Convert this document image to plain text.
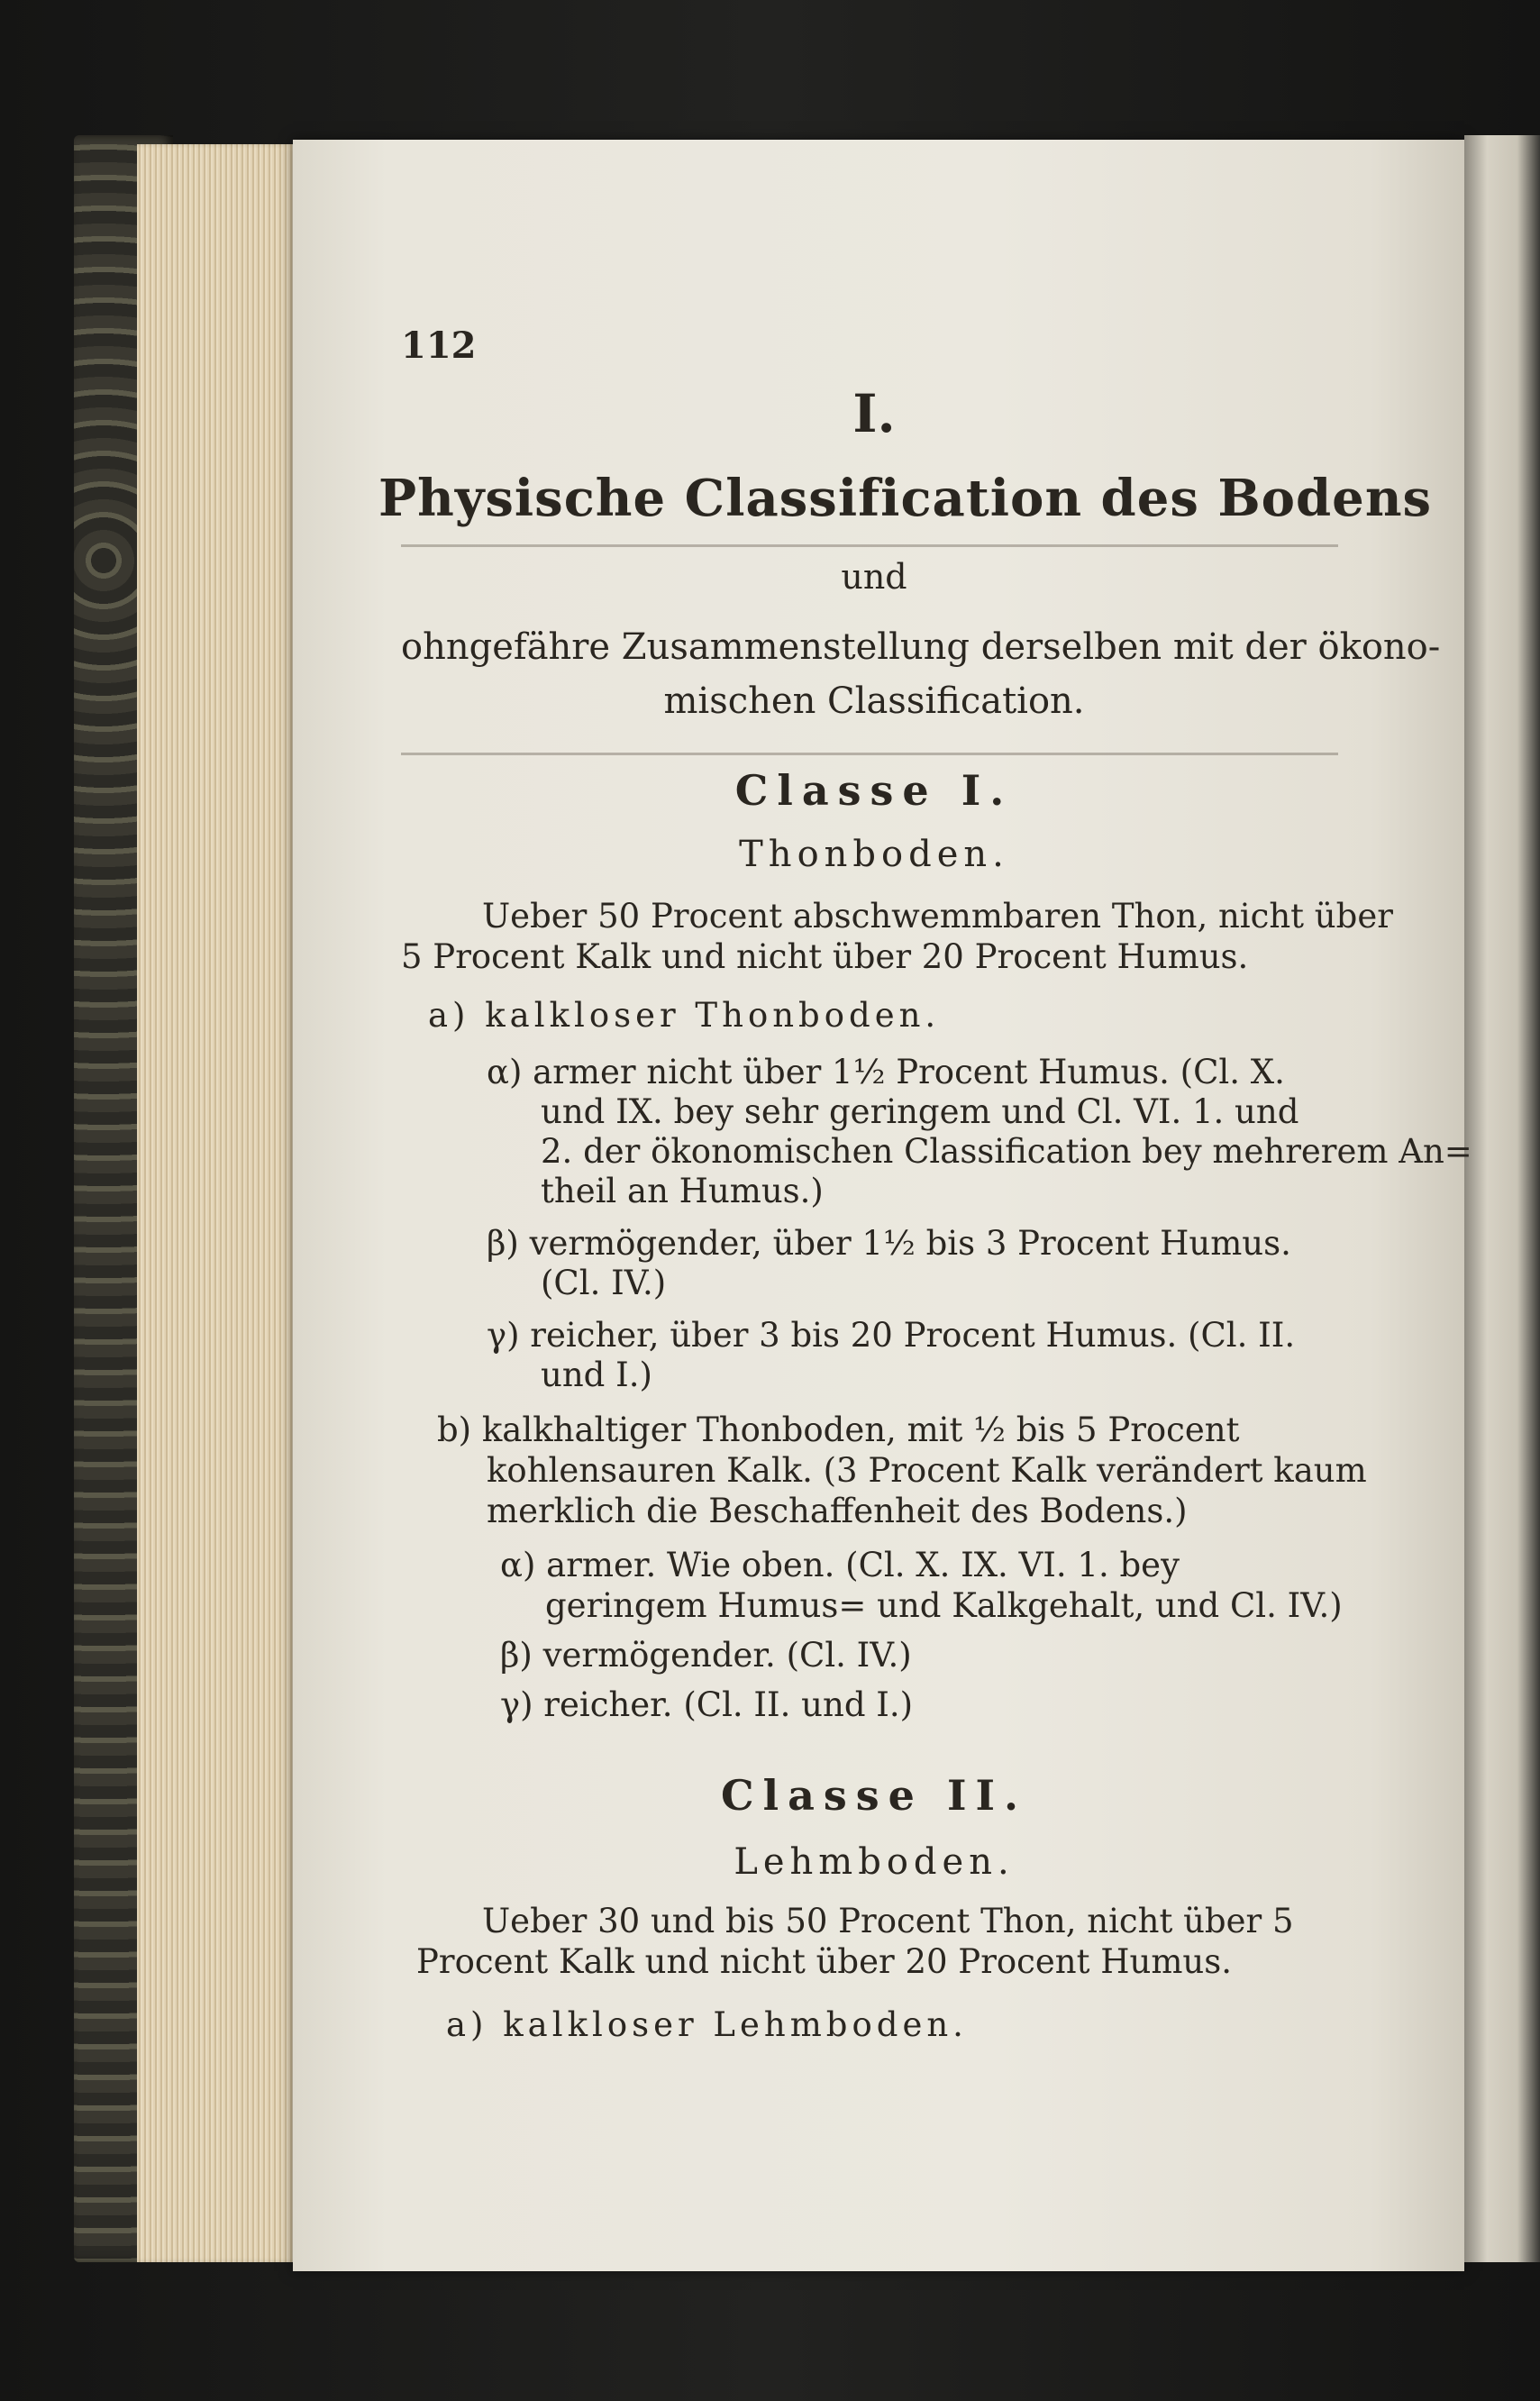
112
I.
Physische Classification des Bodens
und
ohngefähre Zusammenstellung derselben mit der ökono-
mischen Classification.
Classe I.
Thonboden.
Ueber 50 Procent abschwemmbaren Thon, nicht über
5 Procent Kalk und nicht über 20 Procent Humus.
a) kalkloser Thonboden.
α) armer nicht über 1½ Procent Humus. (Cl. X.
und IX. bey sehr geringem und Cl. VI. 1. und
2. der ökonomischen Classification bey mehrerem An=
theil an Humus.)
β) vermögender, über 1½ bis 3 Procent Humus.
(Cl. IV.)
γ) reicher, über 3 bis 20 Procent Humus. (Cl. II.
und I.)
b) kalkhaltiger Thonboden, mit ½ bis 5 Procent
kohlensauren Kalk. (3 Procent Kalk verändert kaum
merklich die Beschaffenheit des Bodens.)
α) armer. Wie oben. (Cl. X. IX. VI. 1. bey
geringem Humus= und Kalkgehalt, und Cl. IV.)
β) vermögender. (Cl. IV.)
γ) reicher. (Cl. II. und I.)
Classe II.
Lehmboden.
Ueber 30 und bis 50 Procent Thon, nicht über 5
Procent Kalk und nicht über 20 Procent Humus.
a) kalkloser Lehmboden.
